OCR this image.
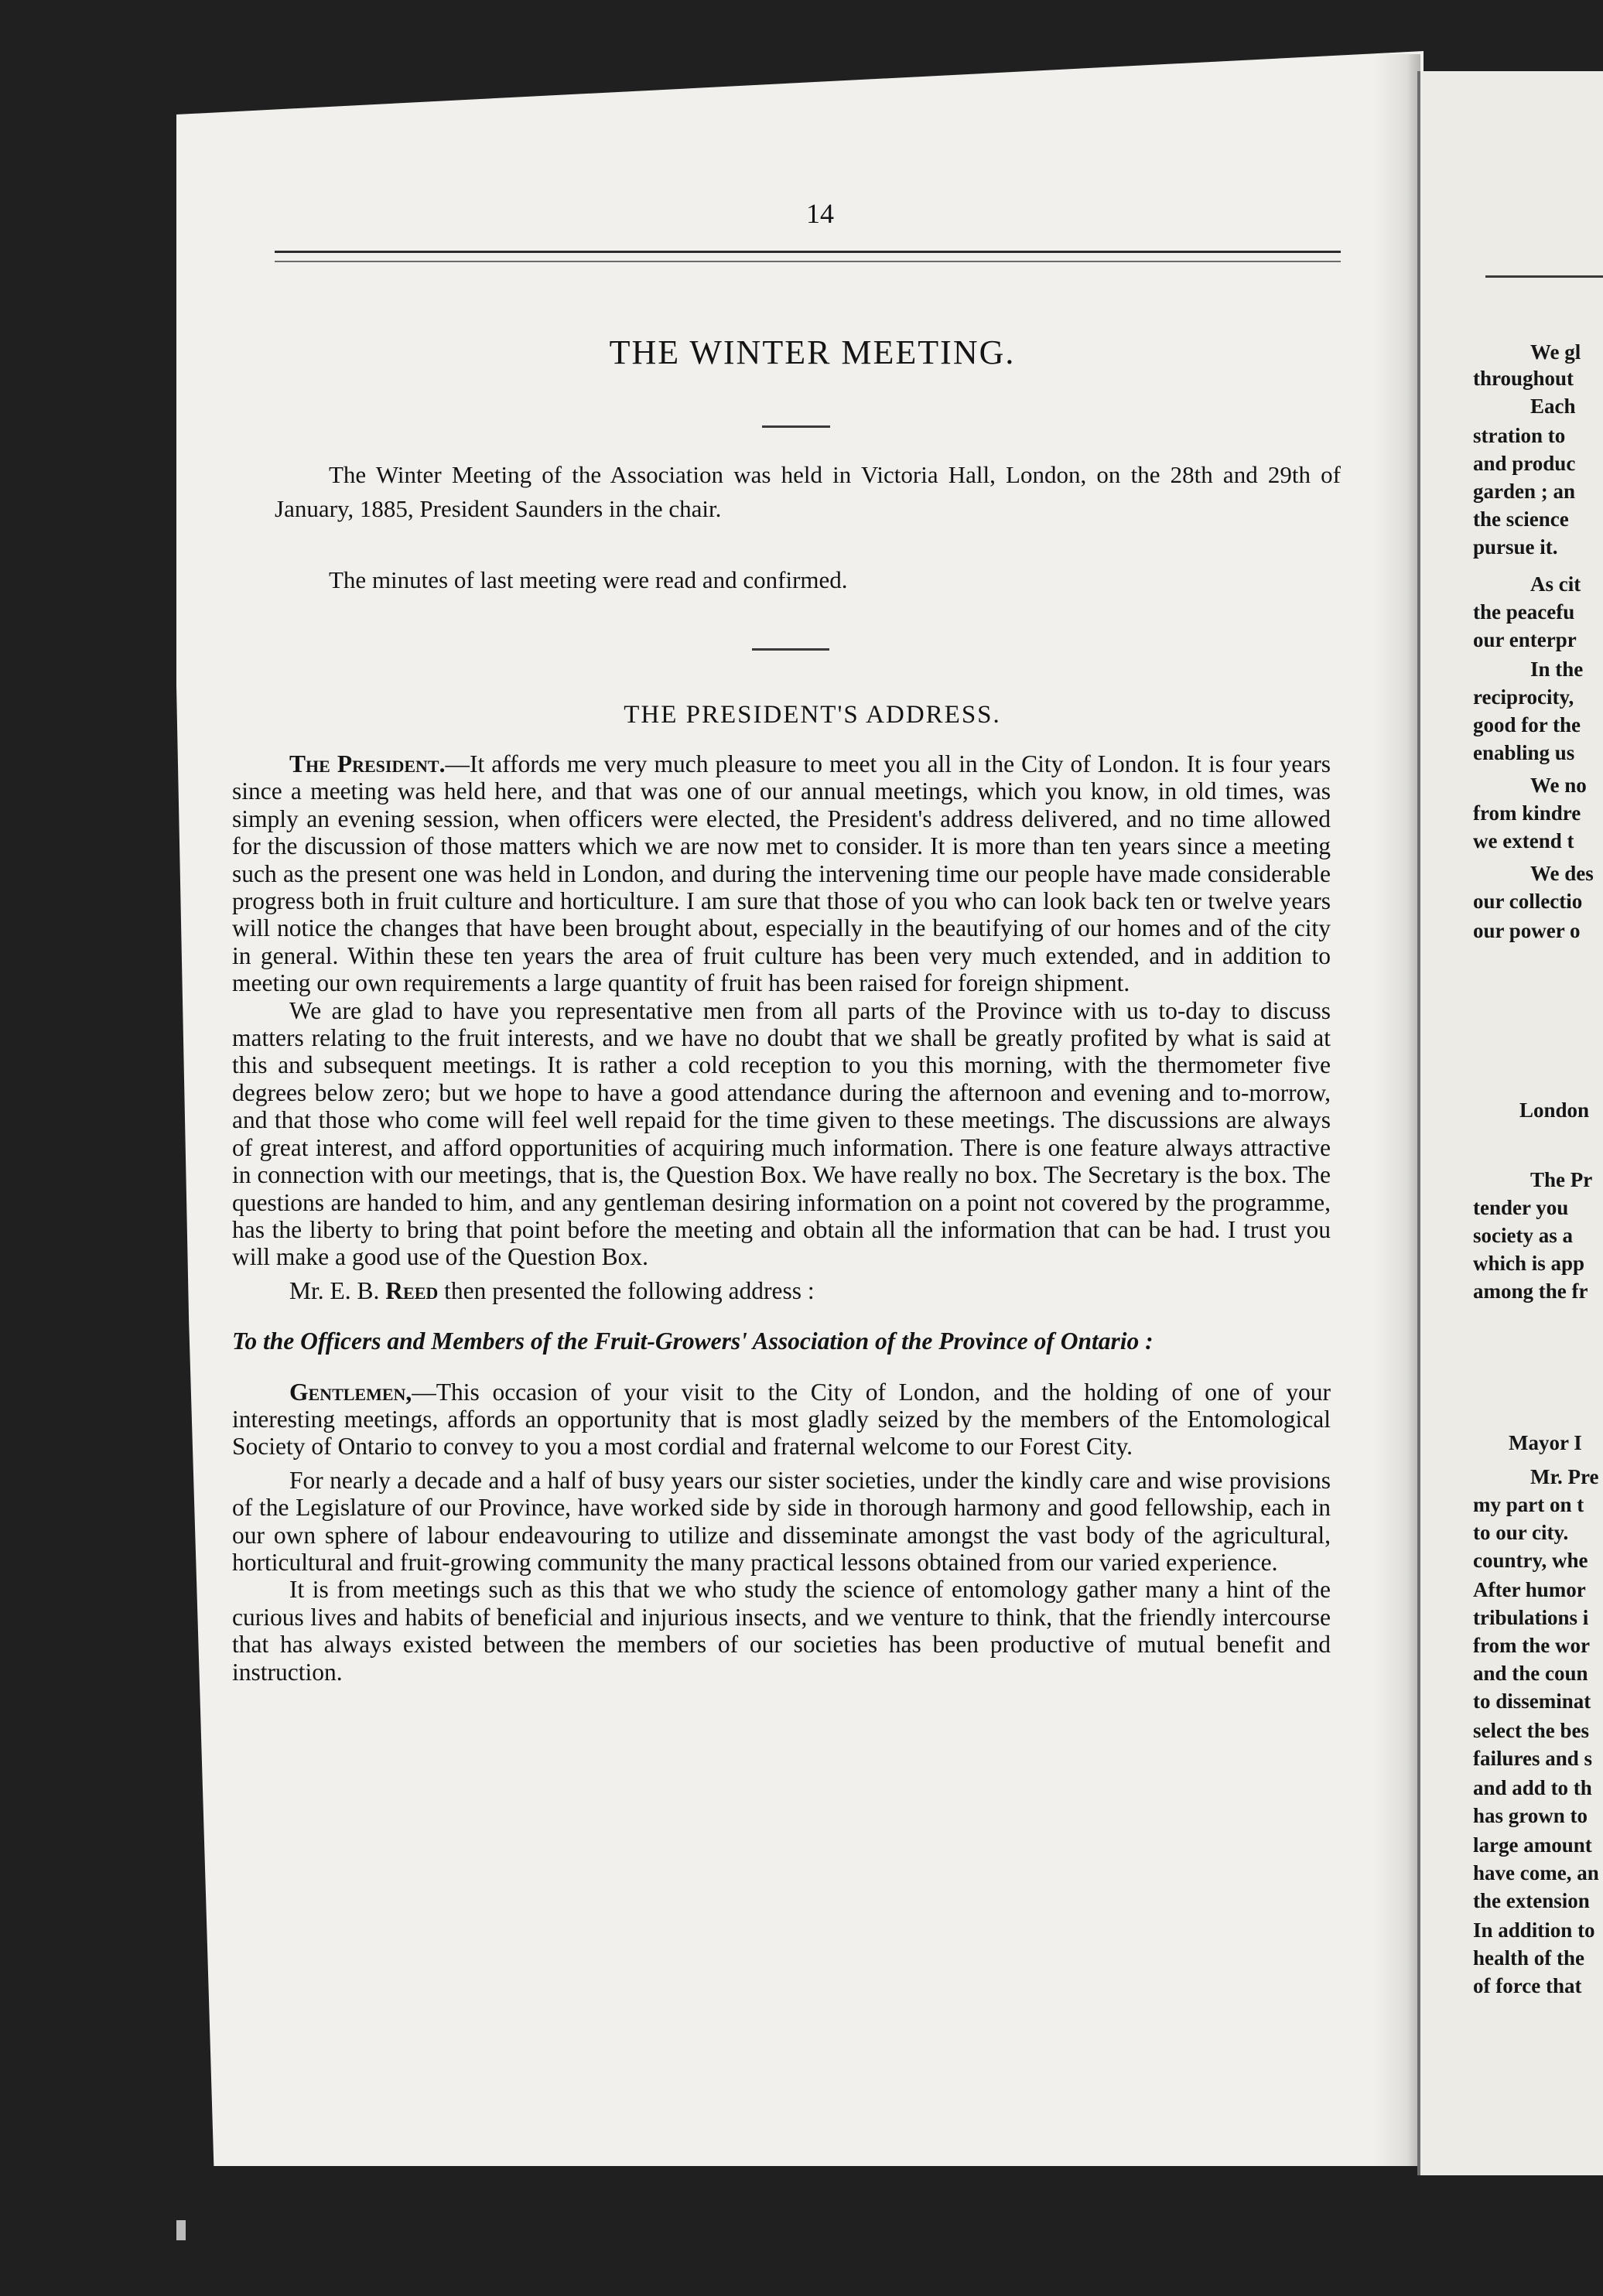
14
THE WINTER MEETING.

The Winter Meeting of the Association was held in Victoria Hall, London, on the 28th and 29th of January, 1885, President Saunders in the chair.

The minutes of last meeting were read and confirmed.

THE PRESIDENT'S ADDRESS.

The President.—It affords me very much pleasure to meet you all in the City of London. It is four years since a meeting was held here, and that was one of our annual meetings, which you know, in old times, was simply an evening session, when officers were elected, the President's address delivered, and no time allowed for the discussion of those matters which we are now met to consider. It is more than ten years since a meeting such as the present one was held in London, and during the intervening time our people have made considerable progress both in fruit culture and horticulture. I am sure that those of you who can look back ten or twelve years will notice the changes that have been brought about, especially in the beautifying of our homes and of the city in general. Within these ten years the area of fruit culture has been very much extended, and in addition to meeting our own requirements a large quantity of fruit has been raised for foreign shipment.

We are glad to have you representative men from all parts of the Province with us to-day to discuss matters relating to the fruit interests, and we have no doubt that we shall be greatly profited by what is said at this and subsequent meetings. It is rather a cold reception to you this morning, with the thermometer five degrees below zero; but we hope to have a good attendance during the afternoon and evening and to-morrow, and that those who come will feel well repaid for the time given to these meetings. The discussions are always of great interest, and afford opportunities of acquiring much information. There is one feature always attractive in connection with our meetings, that is, the Question Box. We have really no box. The Secretary is the box. The questions are handed to him, and any gentleman desiring information on a point not covered by the programme, has the liberty to bring that point before the meeting and obtain all the information that can be had. I trust you will make a good use of the Question Box.

Mr. E. B. Reed then presented the following address :

To the Officers and Members of the Fruit-Growers' Association of the Province of Ontario :

Gentlemen,—This occasion of your visit to the City of London, and the holding of one of your interesting meetings, affords an opportunity that is most gladly seized by the members of the Entomological Society of Ontario to convey to you a most cordial and fraternal welcome to our Forest City.

For nearly a decade and a half of busy years our sister societies, under the kindly care and wise provisions of the Legislature of our Province, have worked side by side in thorough harmony and good fellowship, each in our own sphere of labour endeavouring to utilize and disseminate amongst the vast body of the agricultural, horticultural and fruit-growing community the many practical lessons obtained from our varied experience.

It is from meetings such as this that we who study the science of entomology gather many a hint of the curious lives and habits of beneficial and injurious insects, and we venture to think, that the friendly intercourse that has always existed between the members of our societies has been productive of mutual benefit and instruction.

We gl
throughout
Each
stration to
and produc
garden ; an
the science
pursue it.
As cit
the peacefu
our enterpr
In the
reciprocity,
good for the
enabling us
We no
from kindre
we extend t
We des
our collectio
our power o
London
The Pr
tender you
society as a
which is app
among the fr
Mayor I
Mr. Pre
my part on t
to our city.
country, whe
After humor
tribulations i
from the wor
and the coun
to disseminat
select the bes
failures and s
and add to th
has grown to
large amount
have come, an
the extension
In addition to
health of the
of force that
